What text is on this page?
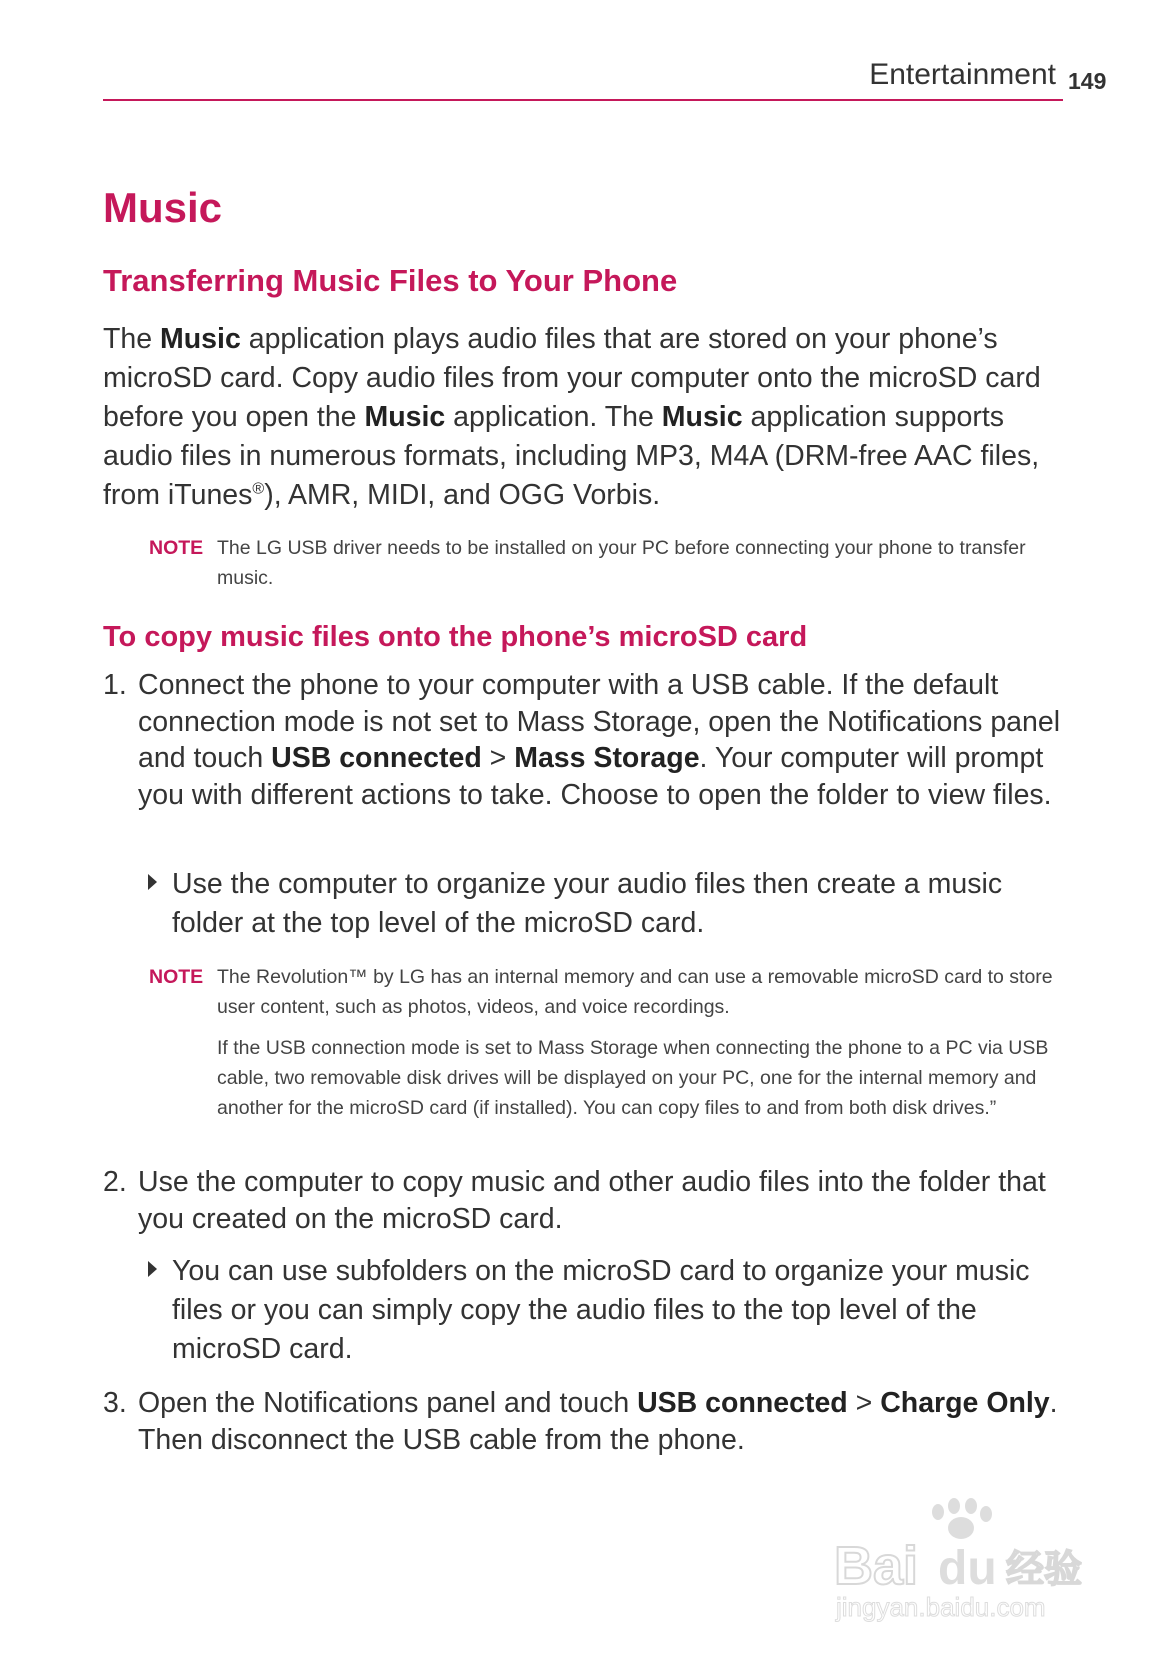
Entertainment 149
Music
Transferring Music Files to Your Phone
The Music application plays audio files that are stored on your phone’s microSD card. Copy audio files from your computer onto the microSD card before you open the Music application. The Music application supports audio files in numerous formats, including MP3, M4A (DRM-free AAC files, from iTunes®), AMR, MIDI, and OGG Vorbis.
NOTE The LG USB driver needs to be installed on your PC before connecting your phone to transfer music.
To copy music files onto the phone’s microSD card
1. Connect the phone to your computer with a USB cable. If the default connection mode is not set to Mass Storage, open the Notifications panel and touch USB connected > Mass Storage. Your computer will prompt you with different actions to take. Choose to open the folder to view files.
Use the computer to organize your audio files then create a music folder at the top level of the microSD card.
NOTE The Revolution™ by LG has an internal memory and can use a removable microSD card to store user content, such as photos, videos, and voice recordings.
If the USB connection mode is set to Mass Storage when connecting the phone to a PC via USB cable, two removable disk drives will be displayed on your PC, one for the internal memory and another for the microSD card (if installed). You can copy files to and from both disk drives.”
2. Use the computer to copy music and other audio files into the folder that you created on the microSD card.
You can use subfolders on the microSD card to organize your music files or you can simply copy the audio files to the top level of the microSD card.
3. Open the Notifications panel and touch USB connected > Charge Only. Then disconnect the USB cable from the phone.
Bai du 经验
jingyan.baidu.com
